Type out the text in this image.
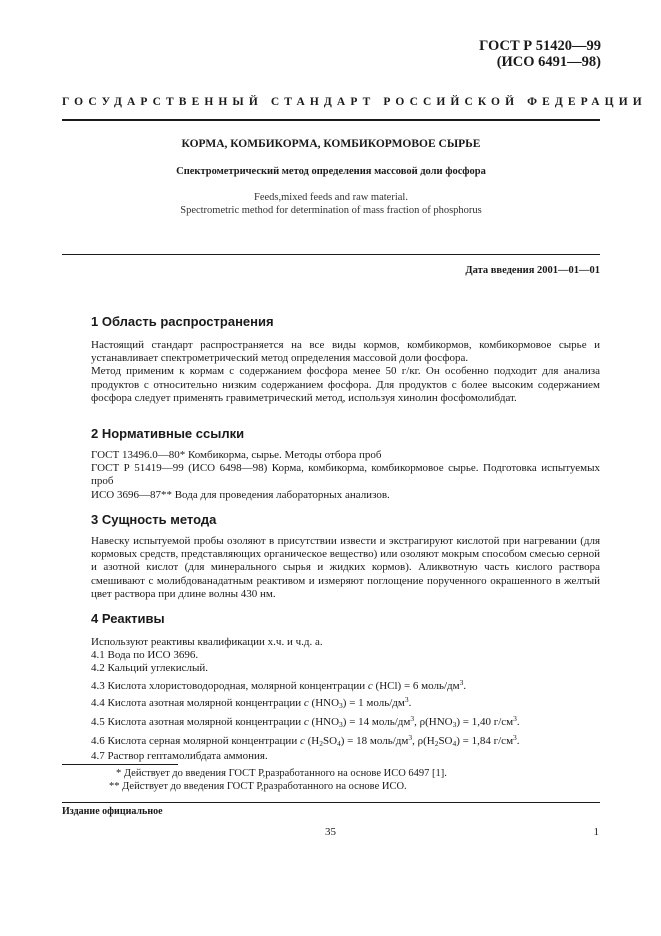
ГОСТ Р 51420—99
(ИСО 6491—98)
ГОСУДАРСТВЕННЫЙ СТАНДАРТ РОССИЙСКОЙ ФЕДЕРАЦИИ
КОРМА, КОМБИКОРМА, КОМБИКОРМОВОЕ СЫРЬЕ
Спектрометрический метод определения массовой доли фосфора
Feeds,mixed feeds and raw material.
Spectrometric method for determination of mass fraction of phosphorus
Дата введения 2001—01—01
1 Область распространения

Настоящий стандарт распространяется на все виды кормов, комбикормов, комбикормовое сырье и устанавливает спектрометрический метод определения массовой доли фосфора.

Метод применим к кормам с содержанием фосфора менее 50 г/кг. Он особенно подходит для анализа продуктов с относительно низким содержанием фосфора. Для продуктов с более высоким содержанием фосфора следует применять гравиметрический метод, используя хинолин фосфомолибдат.

2 Нормативные ссылки

ГОСТ 13496.0—80* Комбикорма, сырье. Методы отбора проб

ГОСТ Р 51419—99 (ИСО 6498—98) Корма, комбикорма, комбикормовое сырье. Подготовка испытуемых проб

ИСО 3696—87** Вода для проведения лабораторных анализов.

3 Сущность метода

Навеску испытуемой пробы озоляют в присутствии извести и экстрагируют кислотой при нагревании (для кормовых средств, представляющих органическое вещество) или озоляют мокрым способом смесью серной и азотной кислот (для минерального сырья и жидких кормов). Аликвотную часть кислого раствора смешивают с молибдованадатным реактивом и измеряют поглощение порученного окрашенного в желтый цвет раствора при длине волны 430 нм.

4 Реактивы

Используют реактивы квалификации х.ч. и ч.д. а.

4.1 Вода по ИСО 3696.

4.2 Кальций углекислый.

4.3 Кислота хлористоводородная, молярной концентрации c (HCl) = 6 моль/$дм^3$.

4.4 Кислота азотная молярной концентрации c $(HNO_3) = 1$ моль/$дм^3$.

4.5 Кислота азотная молярной концентрации c $(HNO_3) = 14$ моль/$дм^3$, $\rho(HNO_3) = 1,40$ $г/см^3$.

4.6 Кислота серная молярной концентрации c $(H_2SO_4) = 18$ моль/$дм^3$, $\rho(H_2SO_4) = 1,84$ $г/см^3$.

4.7 Раствор гептамолибдата аммония.

* Действует до введения ГОСТ Р,разработанного на основе ИСО 6497 [1].
** Действует до введения ГОСТ Р,разработанного на основе ИСО.
Издание официальное
35	1
